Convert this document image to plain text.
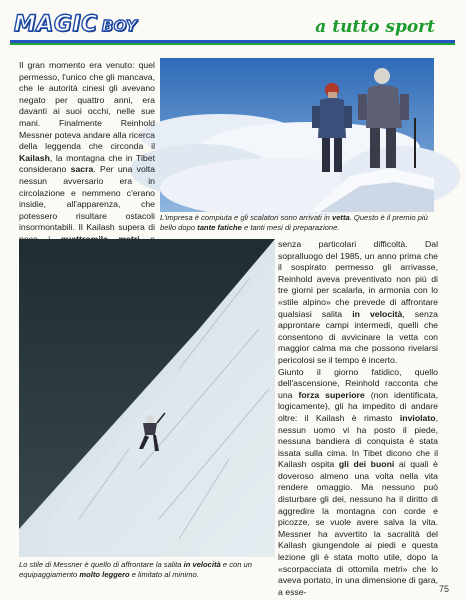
MAGIC BOY	a tutto sport
L'impresa è compiuta e gli scalatori sono arrivati in vetta. Questo è il premio più bello dopo tante fatiche e tanti mesi di preparazione.
Il gran momento era venuto: quel permesso, l'unico che gli mancava, che le autorità cinesi gli avevano negato per quattro anni, era davanti ai suoi occhi, nelle sue mani. Finalmente Reinhold Messner poteva andare alla ricerca della leggenda che circonda il Kailash, la montagna che in Tibet considerano sacra. Per una volta nessun avversario era in circolazione e nemmeno c'erano insidie, all'apparenza, che potessero risultare ostacoli insormontabili. Il Kailash supera di
Lo stile di Messner è quello di affrontare la salita in velocità e con un equipaggiamento molto leggero e limitato al minimo.
senza particolari difficoltà. Dal sopralluogo del 1985, un anno prima che il sospirato permesso gli arrivasse, Reinhold aveva preventivato non più di tre giorni per scalarla, in armonia con lo «stile alpino» che prevede di affrontare qualsiasi salita in velocità, senza approntare campi intermedi, quelli che consentono di avvicinare la vetta con maggior calma ma che possono rivelarsi pericolosi se il tempo è incerto.
Giunto il giorno fatidico, quello dell'ascensione, Reinhold racconta che una forza superiore (non identificata, logicamente), gli ha impedito di andare oltre: il Kailash è rimasto inviolato, nessun uomo vi ha posto il piede, nessuna bandiera di conquista è stata issata sulla cima. In Tibet dicono che il Kailash ospita gli dei buoni ai quali è doveroso almeno una volta nella vita rendere omaggio. Ma nessuno può disturbare gli dei, nessuno ha il diritto di aggredire la montagna con corde e picozze, se vuole avere salva la vita. Messner ha avvertito la sacralità del Kailash giungendole ai piedi e questa lezione gli è stata molto utile, dopo la «scorpacciata di ottomila metri» che lo aveva portato, in una dimensione di gara, a esse-	75
